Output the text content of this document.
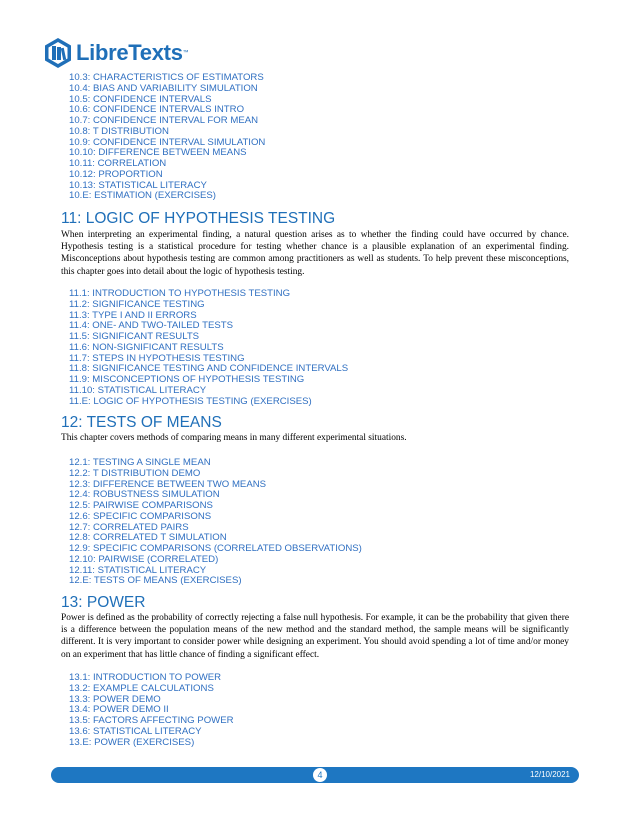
LibreTexts ™
10.3: CHARACTERISTICS OF ESTIMATORS
10.4: BIAS AND VARIABILITY SIMULATION
10.5: CONFIDENCE INTERVALS
10.6: CONFIDENCE INTERVALS INTRO
10.7: CONFIDENCE INTERVAL FOR MEAN
10.8: T DISTRIBUTION
10.9: CONFIDENCE INTERVAL SIMULATION
10.10: DIFFERENCE BETWEEN MEANS
10.11: CORRELATION
10.12: PROPORTION
10.13: STATISTICAL LITERACY
10.E: ESTIMATION (EXERCISES)
11: LOGIC OF HYPOTHESIS TESTING

When interpreting an experimental finding, a natural question arises as to whether the finding could have occurred by chance. Hypothesis testing is a statistical procedure for testing whether chance is a plausible explanation of an experimental finding. Misconceptions about hypothesis testing are common among practitioners as well as students. To help prevent these misconceptions, this chapter goes into detail about the logic of hypothesis testing.

11.1: INTRODUCTION TO HYPOTHESIS TESTING
11.2: SIGNIFICANCE TESTING
11.3: TYPE I AND II ERRORS
11.4: ONE- AND TWO-TAILED TESTS
11.5: SIGNIFICANT RESULTS
11.6: NON-SIGNIFICANT RESULTS
11.7: STEPS IN HYPOTHESIS TESTING
11.8: SIGNIFICANCE TESTING AND CONFIDENCE INTERVALS
11.9: MISCONCEPTIONS OF HYPOTHESIS TESTING
11.10: STATISTICAL LITERACY
11.E: LOGIC OF HYPOTHESIS TESTING (EXERCISES)
12: TESTS OF MEANS

This chapter covers methods of comparing means in many different experimental situations.

12.1: TESTING A SINGLE MEAN
12.2: T DISTRIBUTION DEMO
12.3: DIFFERENCE BETWEEN TWO MEANS
12.4: ROBUSTNESS SIMULATION
12.5: PAIRWISE COMPARISONS
12.6: SPECIFIC COMPARISONS
12.7: CORRELATED PAIRS
12.8: CORRELATED T SIMULATION
12.9: SPECIFIC COMPARISONS (CORRELATED OBSERVATIONS)
12.10: PAIRWISE (CORRELATED)
12.11: STATISTICAL LITERACY
12.E: TESTS OF MEANS (EXERCISES)
13: POWER

Power is defined as the probability of correctly rejecting a false null hypothesis. For example, it can be the probability that given there is a difference between the population means of the new method and the standard method, the sample means will be significantly different. It is very important to consider power while designing an experiment. You should avoid spending a lot of time and/or money on an experiment that has little chance of finding a significant effect.

13.1: INTRODUCTION TO POWER
13.2: EXAMPLE CALCULATIONS
13.3: POWER DEMO
13.4: POWER DEMO II
13.5: FACTORS AFFECTING POWER
13.6: STATISTICAL LITERACY
13.E: POWER (EXERCISES)
4	12/10/2021
